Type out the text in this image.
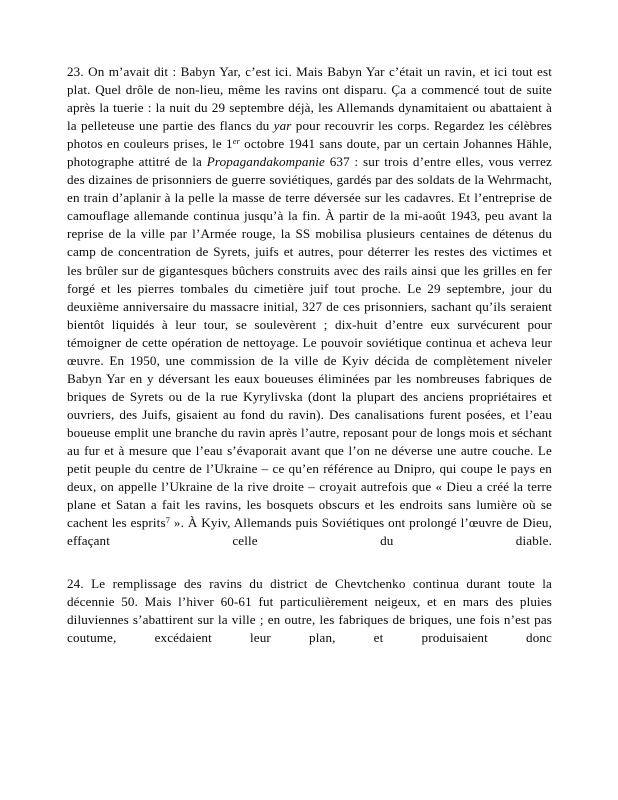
23. On m’avait dit : Babyn Yar, c’est ici. Mais Babyn Yar c’était un ravin, et ici tout est plat. Quel drôle de non-lieu, même les ravins ont disparu. Ça a commencé tout de suite après la tuerie : la nuit du 29 septembre déjà, les Allemands dynamitaient ou abattaient à la pelleteuse une partie des flancs du yar pour recouvrir les corps. Regardez les célèbres photos en couleurs prises, le 1er octobre 1941 sans doute, par un certain Johannes Hähle, photographe attitré de la Propagandakompanie 637 : sur trois d’entre elles, vous verrez des dizaines de prisonniers de guerre soviétiques, gardés par des soldats de la Wehrmacht, en train d’aplanir à la pelle la masse de terre déversée sur les cadavres. Et l’entreprise de camouflage allemande continua jusqu’à la fin. À partir de la mi-août 1943, peu avant la reprise de la ville par l’Armée rouge, la SS mobilisa plusieurs centaines de détenus du camp de concentration de Syrets, juifs et autres, pour déterrer les restes des victimes et les brûler sur de gigantesques bûchers construits avec des rails ainsi que les grilles en fer forgé et les pierres tombales du cimetière juif tout proche. Le 29 septembre, jour du deuxième anniversaire du massacre initial, 327 de ces prisonniers, sachant qu’ils seraient bientôt liquidés à leur tour, se soulevèrent ; dix-huit d’entre eux survécurent pour témoigner de cette opération de nettoyage. Le pouvoir soviétique continua et acheva leur œuvre. En 1950, une commission de la ville de Kyiv décida de complètement niveler Babyn Yar en y déversant les eaux boueuses éliminées par les nombreuses fabriques de briques de Syrets ou de la rue Kyrylivska (dont la plupart des anciens propriétaires et ouvriers, des Juifs, gisaient au fond du ravin). Des canalisations furent posées, et l’eau boueuse emplit une branche du ravin après l’autre, reposant pour de longs mois et séchant au fur et à mesure que l’eau s’évaporait avant que l’on ne déverse une autre couche. Le petit peuple du centre de l’Ukraine – ce qu’en référence au Dnipro, qui coupe le pays en deux, on appelle l’Ukraine de la rive droite – croyait autrefois que « Dieu a créé la terre plane et Satan a fait les ravins, les bosquets obscurs et les endroits sans lumière où se cachent les esprits$^7$ ». À Kyiv, Allemands puis Soviétiques ont prolongé l’œuvre de Dieu, effaçant celle du diable.

24. Le remplissage des ravins du district de Chevtchenko continua durant toute la décennie 50. Mais l’hiver 60-61 fut particulièrement neigeux, et en mars des pluies diluviennes s’abattirent sur la ville ; en outre, les fabriques de briques, une fois n’est pas coutume, excédaient leur plan, et produisaient donc
